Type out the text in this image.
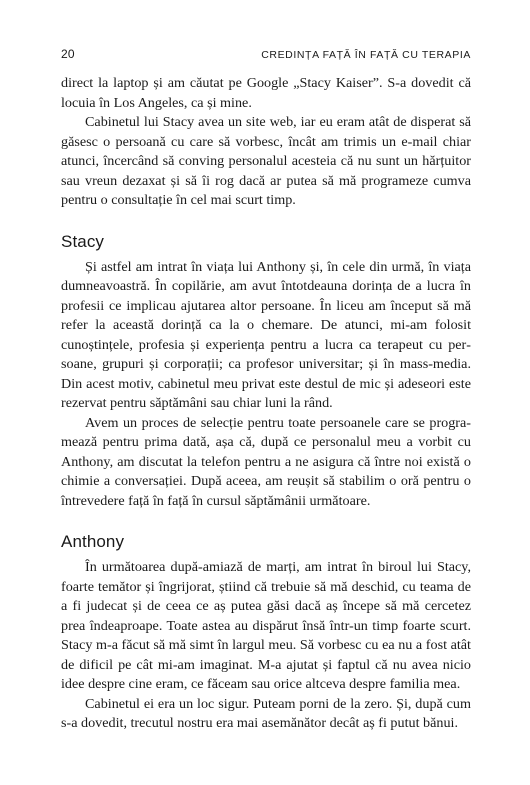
20	CREDINȚA FAȚĂ ÎN FAȚĂ CU TERAPIA

direct la laptop și am căutat pe Google „Stacy Kaiser”. S-a dovedit că locuia în Los Angeles, ca și mine.

Cabinetul lui Stacy avea un site web, iar eu eram atât de disperat să găsesc o persoană cu care să vorbesc, încât am trimis un e-mail chiar atunci, încercând să conving personalul acesteia că nu sunt un hărțuitor sau vreun dezaxat și să îi rog dacă ar putea să mă programeze cumva pentru o consultație în cel mai scurt timp.

Stacy

Și astfel am intrat în viața lui Anthony și, în cele din urmă, în viața dumneavoastră. În copilărie, am avut întotdeauna dorința de a lucra în profesii ce implicau ajutarea altor persoane. În liceu am început să mă refer la această dorință ca la o chemare. De atunci, mi-am folosit cunoștințele, profesia și experiența pentru a lucra ca terapeut cu persoane, grupuri și corporații; ca profesor universitar; și în mass-media. Din acest motiv, cabinetul meu privat este destul de mic și adeseori este rezervat pentru săptămâni sau chiar luni la rând.

Avem un proces de selecție pentru toate persoanele care se programează pentru prima dată, așa că, după ce personalul meu a vorbit cu Anthony, am discutat la telefon pentru a ne asigura că între noi există o chimie a conversației. După aceea, am reușit să stabilim o oră pentru o întrevedere față în față în cursul săptămânii următoare.

Anthony

În următoarea după-amiază de marți, am intrat în biroul lui Stacy, foarte temător și îngrijorat, știind că trebuie să mă deschid, cu teama de a fi judecat și de ceea ce aș putea găsi dacă aș începe să mă cercetez prea îndeaproape. Toate astea au dispărut însă într-un timp foarte scurt. Stacy m-a făcut să mă simt în largul meu. Să vorbesc cu ea nu a fost atât de dificil pe cât mi-am imaginat. M-a ajutat și faptul că nu avea nicio idee despre cine eram, ce făceam sau orice altceva despre familia mea.

Cabinetul ei era un loc sigur. Puteam porni de la zero. Și, după cum s-a dovedit, trecutul nostru era mai asemănător decât aș fi putut bănui.
